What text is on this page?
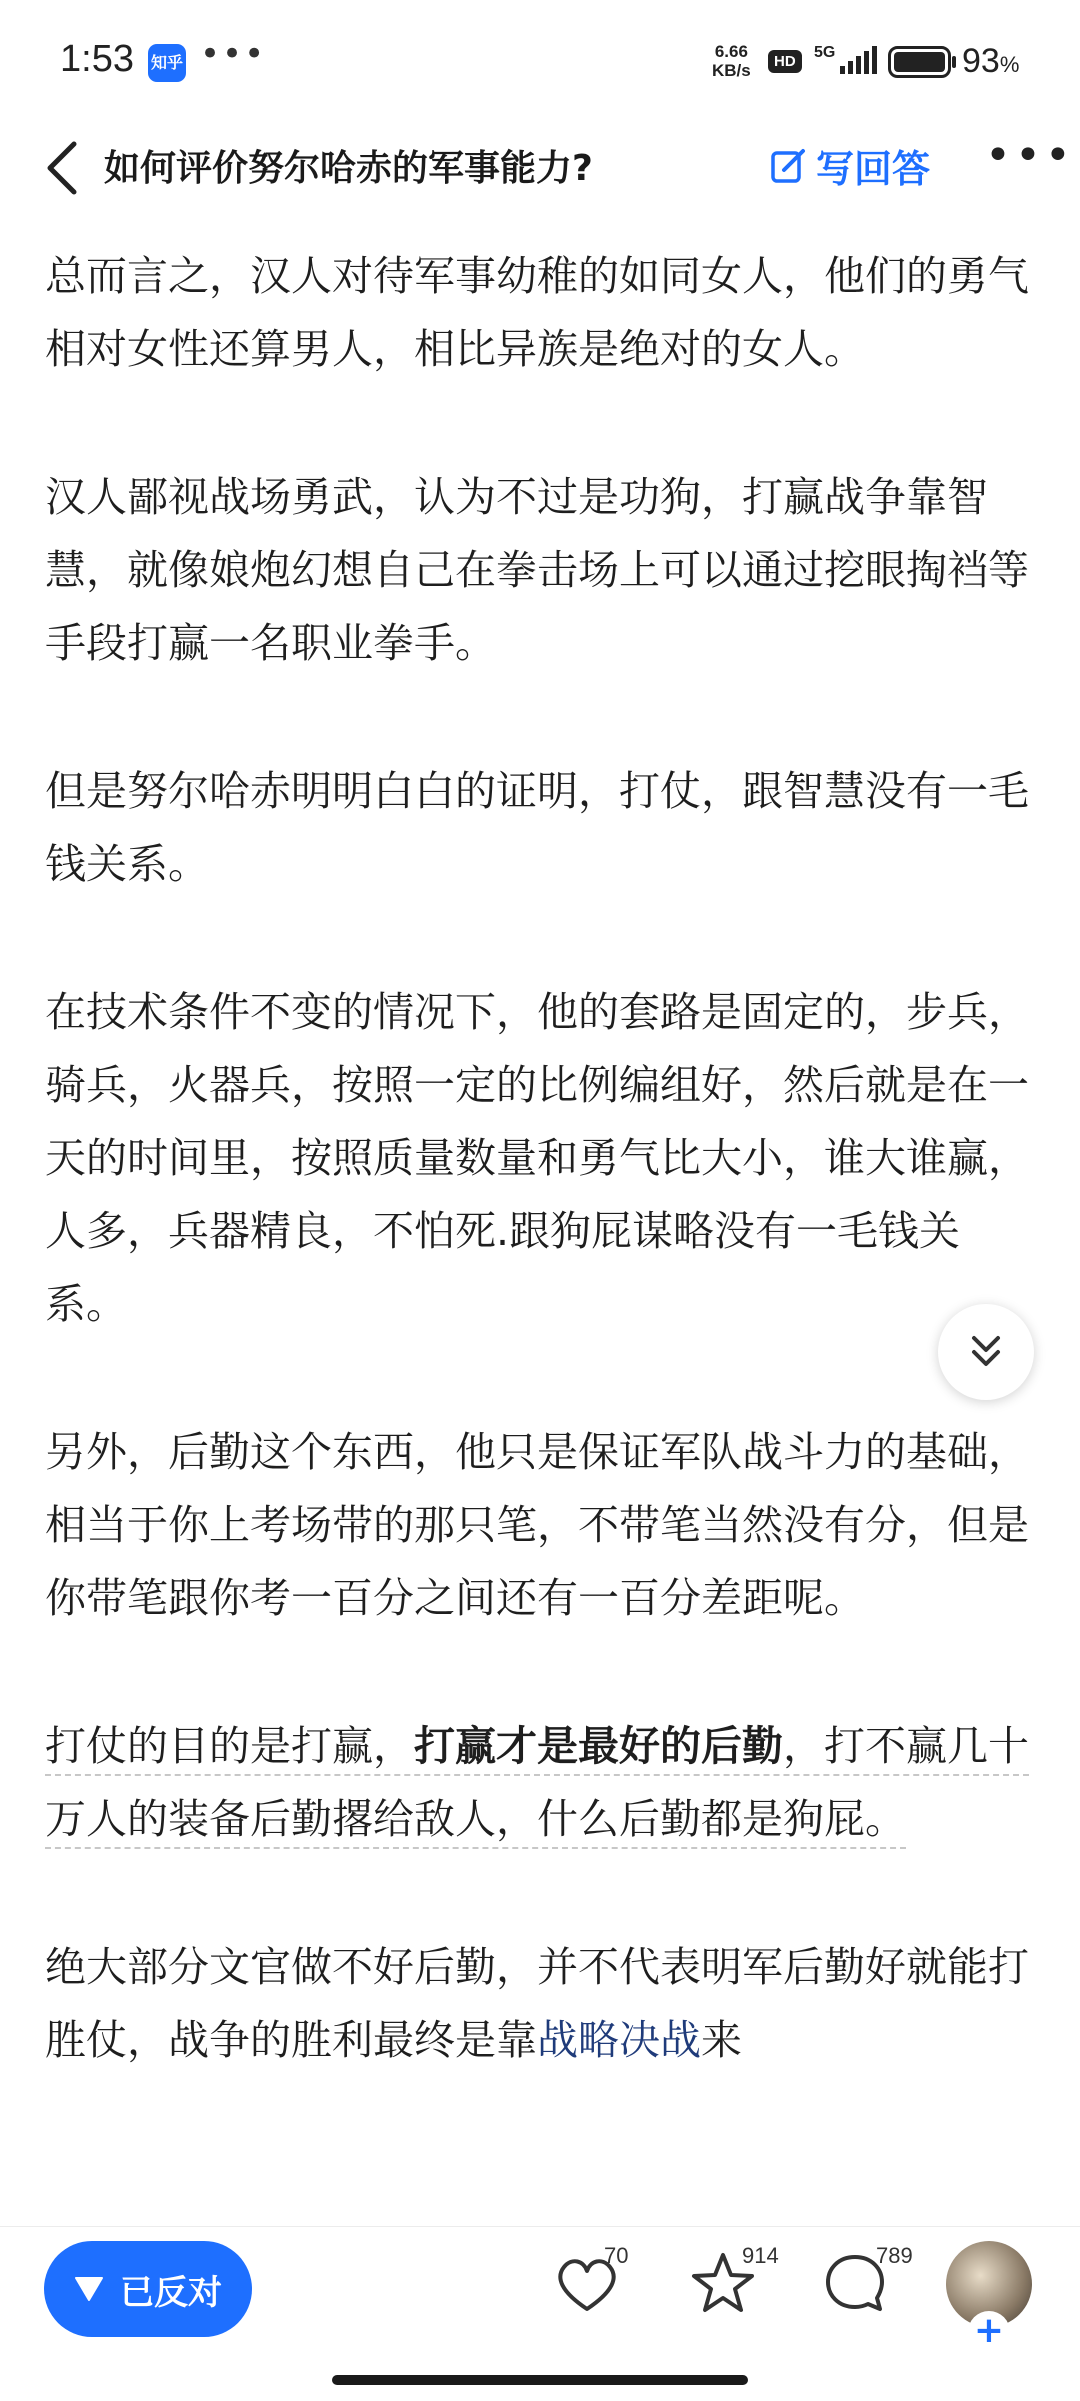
1:53 知乎 •••	6.66
KB/s	HD
5G	93%
如何评价努尔哈赤的军事能力?	写回答 •••

总而言之，汉人对待军事幼稚的如同女人，他们的勇气相对女性还算男人，相比异族是绝对的女人。

汉人鄙视战场勇武，认为不过是功狗，打赢战争靠智慧，就像娘炮幻想自己在拳击场上可以通过挖眼掏裆等手段打赢一名职业拳手。

但是努尔哈赤明明白白的证明，打仗，跟智慧没有一毛钱关系。

在技术条件不变的情况下，他的套路是固定的，步兵，骑兵，火器兵，按照一定的比例编组好，然后就是在一天的时间里，按照质量数量和勇气比大小，谁大谁赢，人多，兵器精良，不怕死.跟狗屁谋略没有一毛钱关系。

另外，后勤这个东西，他只是保证军队战斗力的基础，相当于你上考场带的那只笔，不带笔当然没有分，但是你带笔跟你考一百分之间还有一百分差距呢。

打仗的目的是打赢，打赢才是最好的后勤，打不赢几十万人的装备后勤撂给敌人，什么后勤都是狗屁。

绝大部分文官做不好后勤，并不代表明军后勤好就能打胜仗，战争的胜利最终是靠战略决战来

已反对
70	914	789
+
